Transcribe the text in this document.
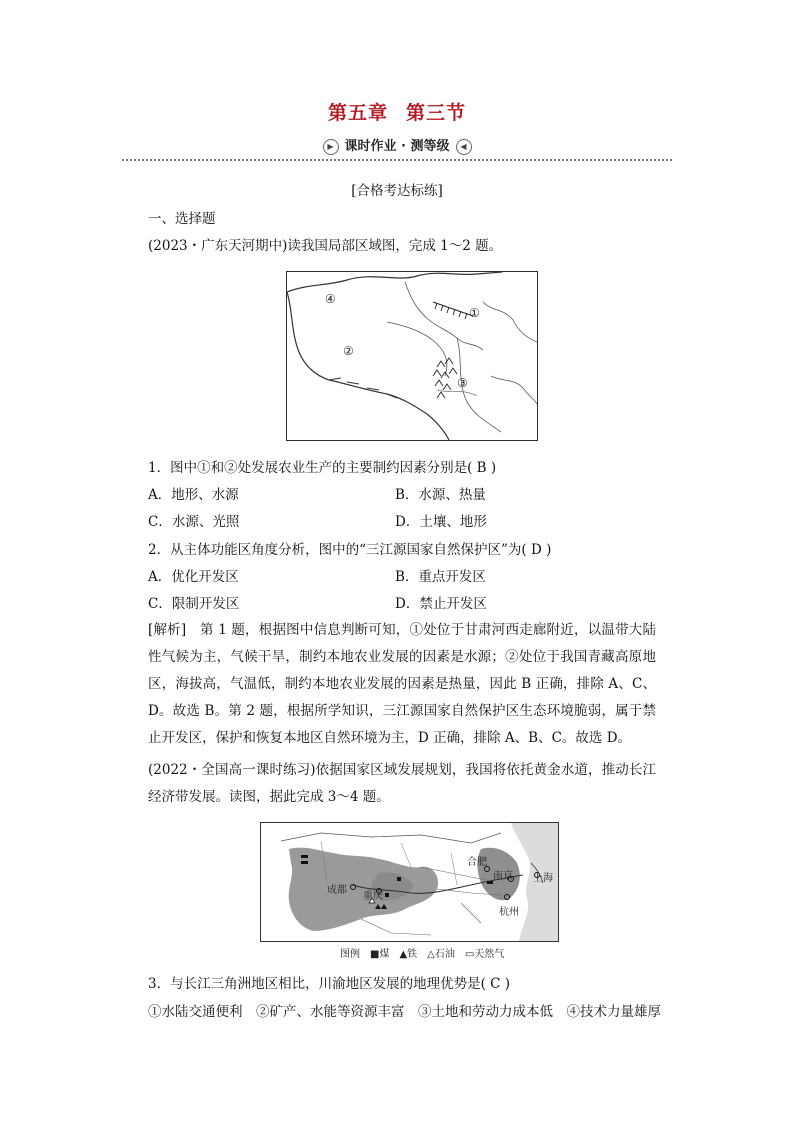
第五章 第三节
▶ 课时作业 · 测等级 ◀
[合格考达标练]
一、选择题
(2023・广东天河期中)读我国局部区域图，完成 1～2 题。
④
②
①
③
1．图中①和②处发展农业生产的主要制约因素分别是( B )
A．地形、水源	B．水源、热量
C．水源、光照	D．土壤、地形
2．从主体功能区角度分析，图中的“三江源国家自然保护区”为( D )
A．优化开发区	B．重点开发区
C．限制开发区	D．禁止开发区
[解析]　第 1 题，根据图中信息判断可知，①处位于甘肃河西走廊附近，以温带大陆性气候为主，气候干旱，制约本地农业发展的因素是水源；②处位于我国青藏高原地区，海拔高，气温低，制约本地农业发展的因素是热量，因此 B 正确，排除 A、C、D。故选 B。第 2 题，根据所学知识，三江源国家自然保护区生态环境脆弱，属于禁止开发区，保护和恢复本地区自然环境为主，D 正确，排除 A、B、C。故选 D。
(2022・全国高一课时练习)依据国家区域发展规划，我国将依托黄金水道，推动长江经济带发展。读图，据此完成 3～4 题。
成都
重庆
合肥
南京 上海
杭州
图例　■煤　▲铁　△石油　▭天然气
3．与长江三角洲地区相比，川渝地区发展的地理优势是( C )
①水陆交通便利　②矿产、水能等资源丰富　③土地和劳动力成本低　④技术力量雄厚
